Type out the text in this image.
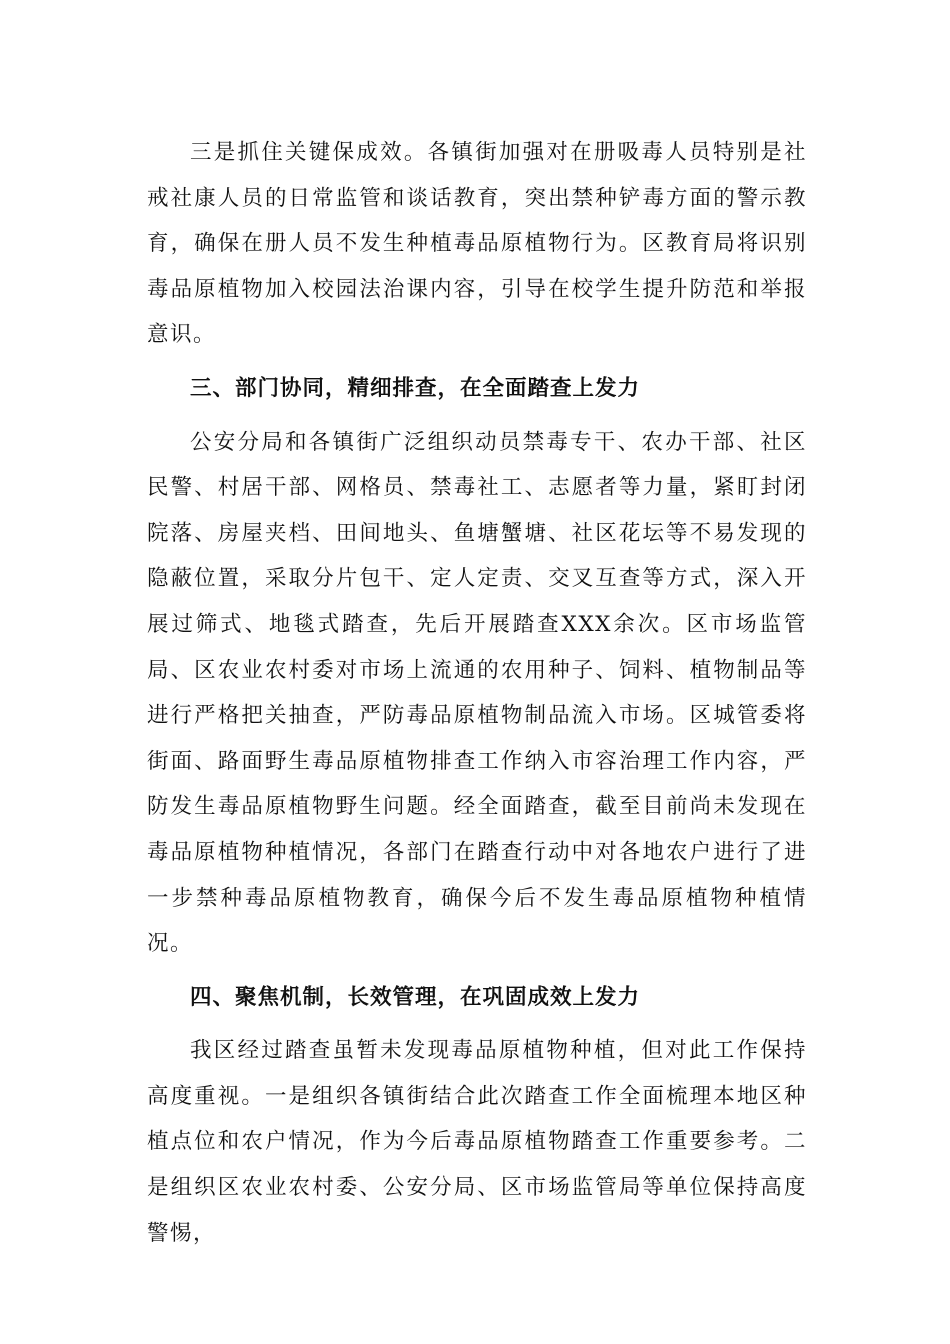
三是抓住关键保成效。各镇街加强对在册吸毒人员特别是社戒社康人员的日常监管和谈话教育，突出禁种铲毒方面的警示教育，确保在册人员不发生种植毒品原植物行为。区教育局将识别毒品原植物加入校园法治课内容，引导在校学生提升防范和举报意识。

三、部门协同，精细排查，在全面踏查上发力

公安分局和各镇街广泛组织动员禁毒专干、农办干部、社区民警、村居干部、网格员、禁毒社工、志愿者等力量，紧盯封闭院落、房屋夹档、田间地头、鱼塘蟹塘、社区花坛等不易发现的隐蔽位置，采取分片包干、定人定责、交叉互查等方式，深入开展过筛式、地毯式踏查，先后开展踏查XXX余次。区市场监管局、区农业农村委对市场上流通的农用种子、饲料、植物制品等进行严格把关抽查，严防毒品原植物制品流入市场。区城管委将街面、路面野生毒品原植物排查工作纳入市容治理工作内容，严防发生毒品原植物野生问题。经全面踏查，截至目前尚未发现在毒品原植物种植情况，各部门在踏查行动中对各地农户进行了进一步禁种毒品原植物教育，确保今后不发生毒品原植物种植情况。

四、聚焦机制，长效管理，在巩固成效上发力

我区经过踏查虽暂未发现毒品原植物种植，但对此工作保持高度重视。一是组织各镇街结合此次踏查工作全面梳理本地区种植点位和农户情况，作为今后毒品原植物踏查工作重要参考。二是组织区农业农村委、公安分局、区市场监管局等单位保持高度警惕，
